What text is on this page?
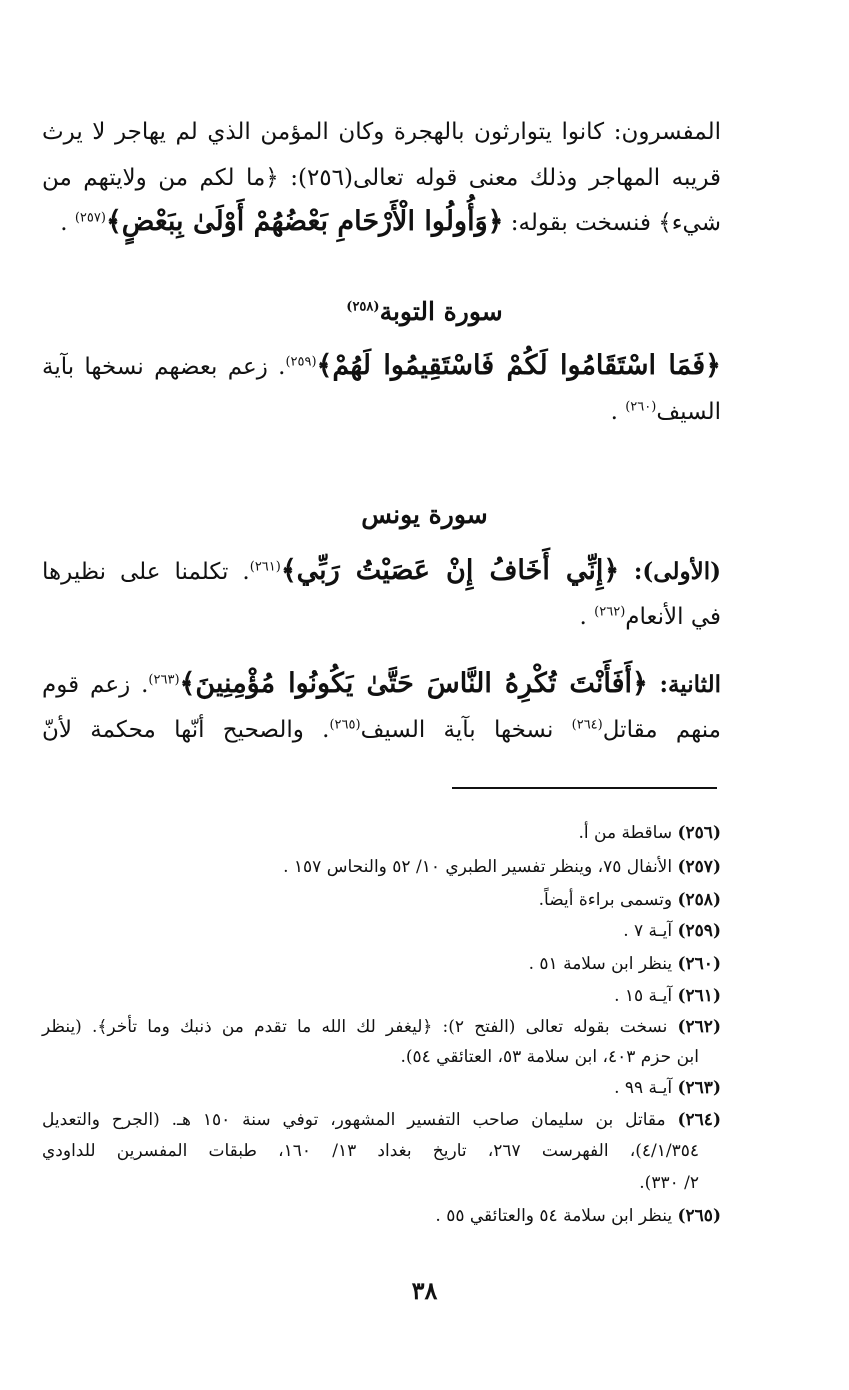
المفسرون: كانوا يتوارثون بالهجرة وكان المؤمن الذي لم يهاجر لا يرث
قريبه المهاجر وذلك معنى قوله تعالى(٢٥٦): ﴿ما لكم من ولايتهم من
شيء﴾ فنسخت بقوله: ﴿وَأُولُوا الْأَرْحَامِ بَعْضُهُمْ أَوْلَىٰ بِبَعْضٍ﴾$^{(٢٥٧)}$ .
سورة التوبة$^{(٢٥٨)}$
﴿فَمَا اسْتَقَامُوا لَكُمْ فَاسْتَقِيمُوا لَهُمْ﴾$^{(٢٥٩)}$. زعم بعضهم نسخها بآية
السيف$^{(٢٦٠)}$ .
سورة يونس
(الأولى): ﴿إِنِّي أَخَافُ إِنْ عَصَيْتُ رَبِّي﴾$^{(٢٦١)}$. تكلمنا على نظيرها
في الأنعام$^{(٢٦٢)}$ .
الثانية: ﴿أَفَأَنْتَ تُكْرِهُ النَّاسَ حَتَّىٰ يَكُونُوا مُؤْمِنِينَ﴾$^{(٢٦٣)}$. زعم قوم
منهم مقاتل$^{(٢٦٤)}$ نسخها بآية السيف$^{(٢٦٥)}$. والصحيح أنّها محكمة لأنّ
(٢٥٦) ساقطة من أ.
(٢٥٧) الأنفال ٧٥، وينظر تفسير الطبري ١٠/ ٥٢ والنحاس ١٥٧ .
(٢٥٨) وتسمى براءة أيضاً.
(٢٥٩) آيـة ٧ .
(٢٦٠) ينظر ابن سلامة ٥١ .
(٢٦١) آيـة ١٥ .
(٢٦٢) نسخت بقوله تعالى (الفتح ٢): ﴿ليغفر لك الله ما تقدم من ذنبك وما تأخر﴾. (ينظر
ابن حزم ٤٠٣، ابن سلامة ٥٣، العتائقي ٥٤).
(٢٦٣) آيـة ٩٩ .
(٢٦٤) مقاتل بن سليمان صاحب التفسير المشهور، توفي سنة ١٥٠ هـ. (الجرح والتعديل
٤/١/٣٥٤)، الفهرست ٢٦٧، تاريخ بغداد ١٣/ ١٦٠، طبقات المفسرين للداودي
٢/ ٣٣٠).
(٢٦٥) ينظر ابن سلامة ٥٤ والعتائقي ٥٥ .
٣٨
